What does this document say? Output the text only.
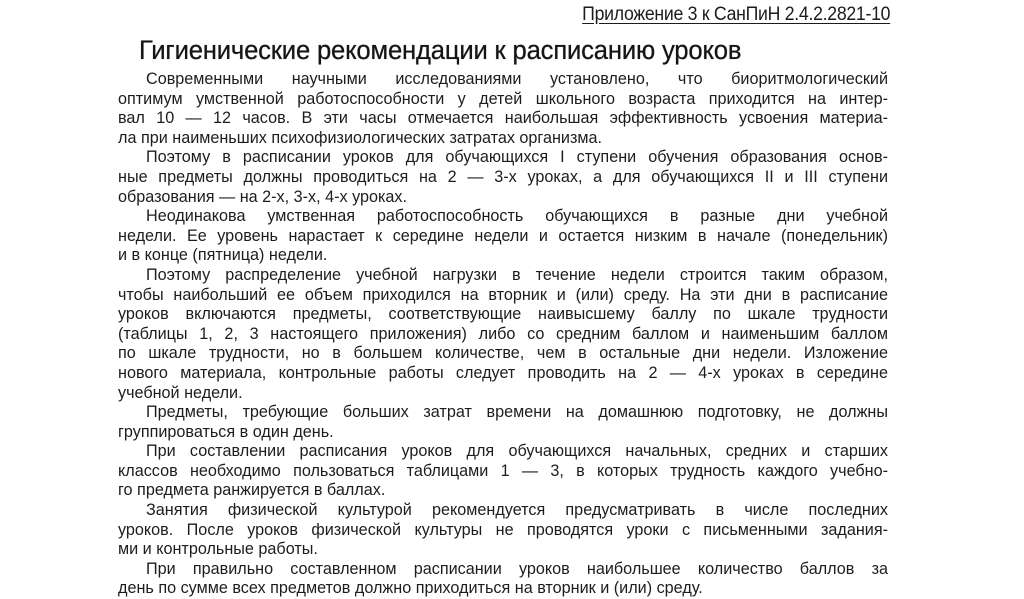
Приложение 3 к СанПиН 2.4.2.2821-10
Гигиенические рекомендации к расписанию уроков
Современными научными исследованиями установлено, что биоритмологический
оптимум умственной работоспособности у детей школьного возраста приходится на интер-
вал 10 — 12 часов. В эти часы отмечается наибольшая эффективность усвоения материа-
ла при наименьших психофизиологических затратах организма.
Поэтому в расписании уроков для обучающихся I ступени обучения образования основ-
ные предметы должны проводиться на 2 — 3-х уроках, а для обучающихся II и III ступени
образования — на 2-х, 3-х, 4-х уроках.
Неодинакова умственная работоспособность обучающихся в разные дни учебной
недели. Ее уровень нарастает к середине недели и остается низким в начале (понедельник)
и в конце (пятница) недели.
Поэтому распределение учебной нагрузки в течение недели строится таким образом,
чтобы наибольший ее объем приходился на вторник и (или) среду. На эти дни в расписание
уроков включаются предметы, соответствующие наивысшему баллу по шкале трудности
(таблицы 1, 2, 3 настоящего приложения) либо со средним баллом и наименьшим баллом
по шкале трудности, но в большем количестве, чем в остальные дни недели. Изложение
нового материала, контрольные работы следует проводить на 2 — 4-х уроках в середине
учебной недели.
Предметы, требующие больших затрат времени на домашнюю подготовку, не должны
группироваться в один день.
При составлении расписания уроков для обучающихся начальных, средних и старших
классов необходимо пользоваться таблицами 1 — 3, в которых трудность каждого учебно-
го предмета ранжируется в баллах.
Занятия физической культурой рекомендуется предусматривать в числе последних
уроков. После уроков физической культуры не проводятся уроки с письменными задания-
ми и контрольные работы.
При правильно составленном расписании уроков наибольшее количество баллов за
день по сумме всех предметов должно приходиться на вторник и (или) среду.
